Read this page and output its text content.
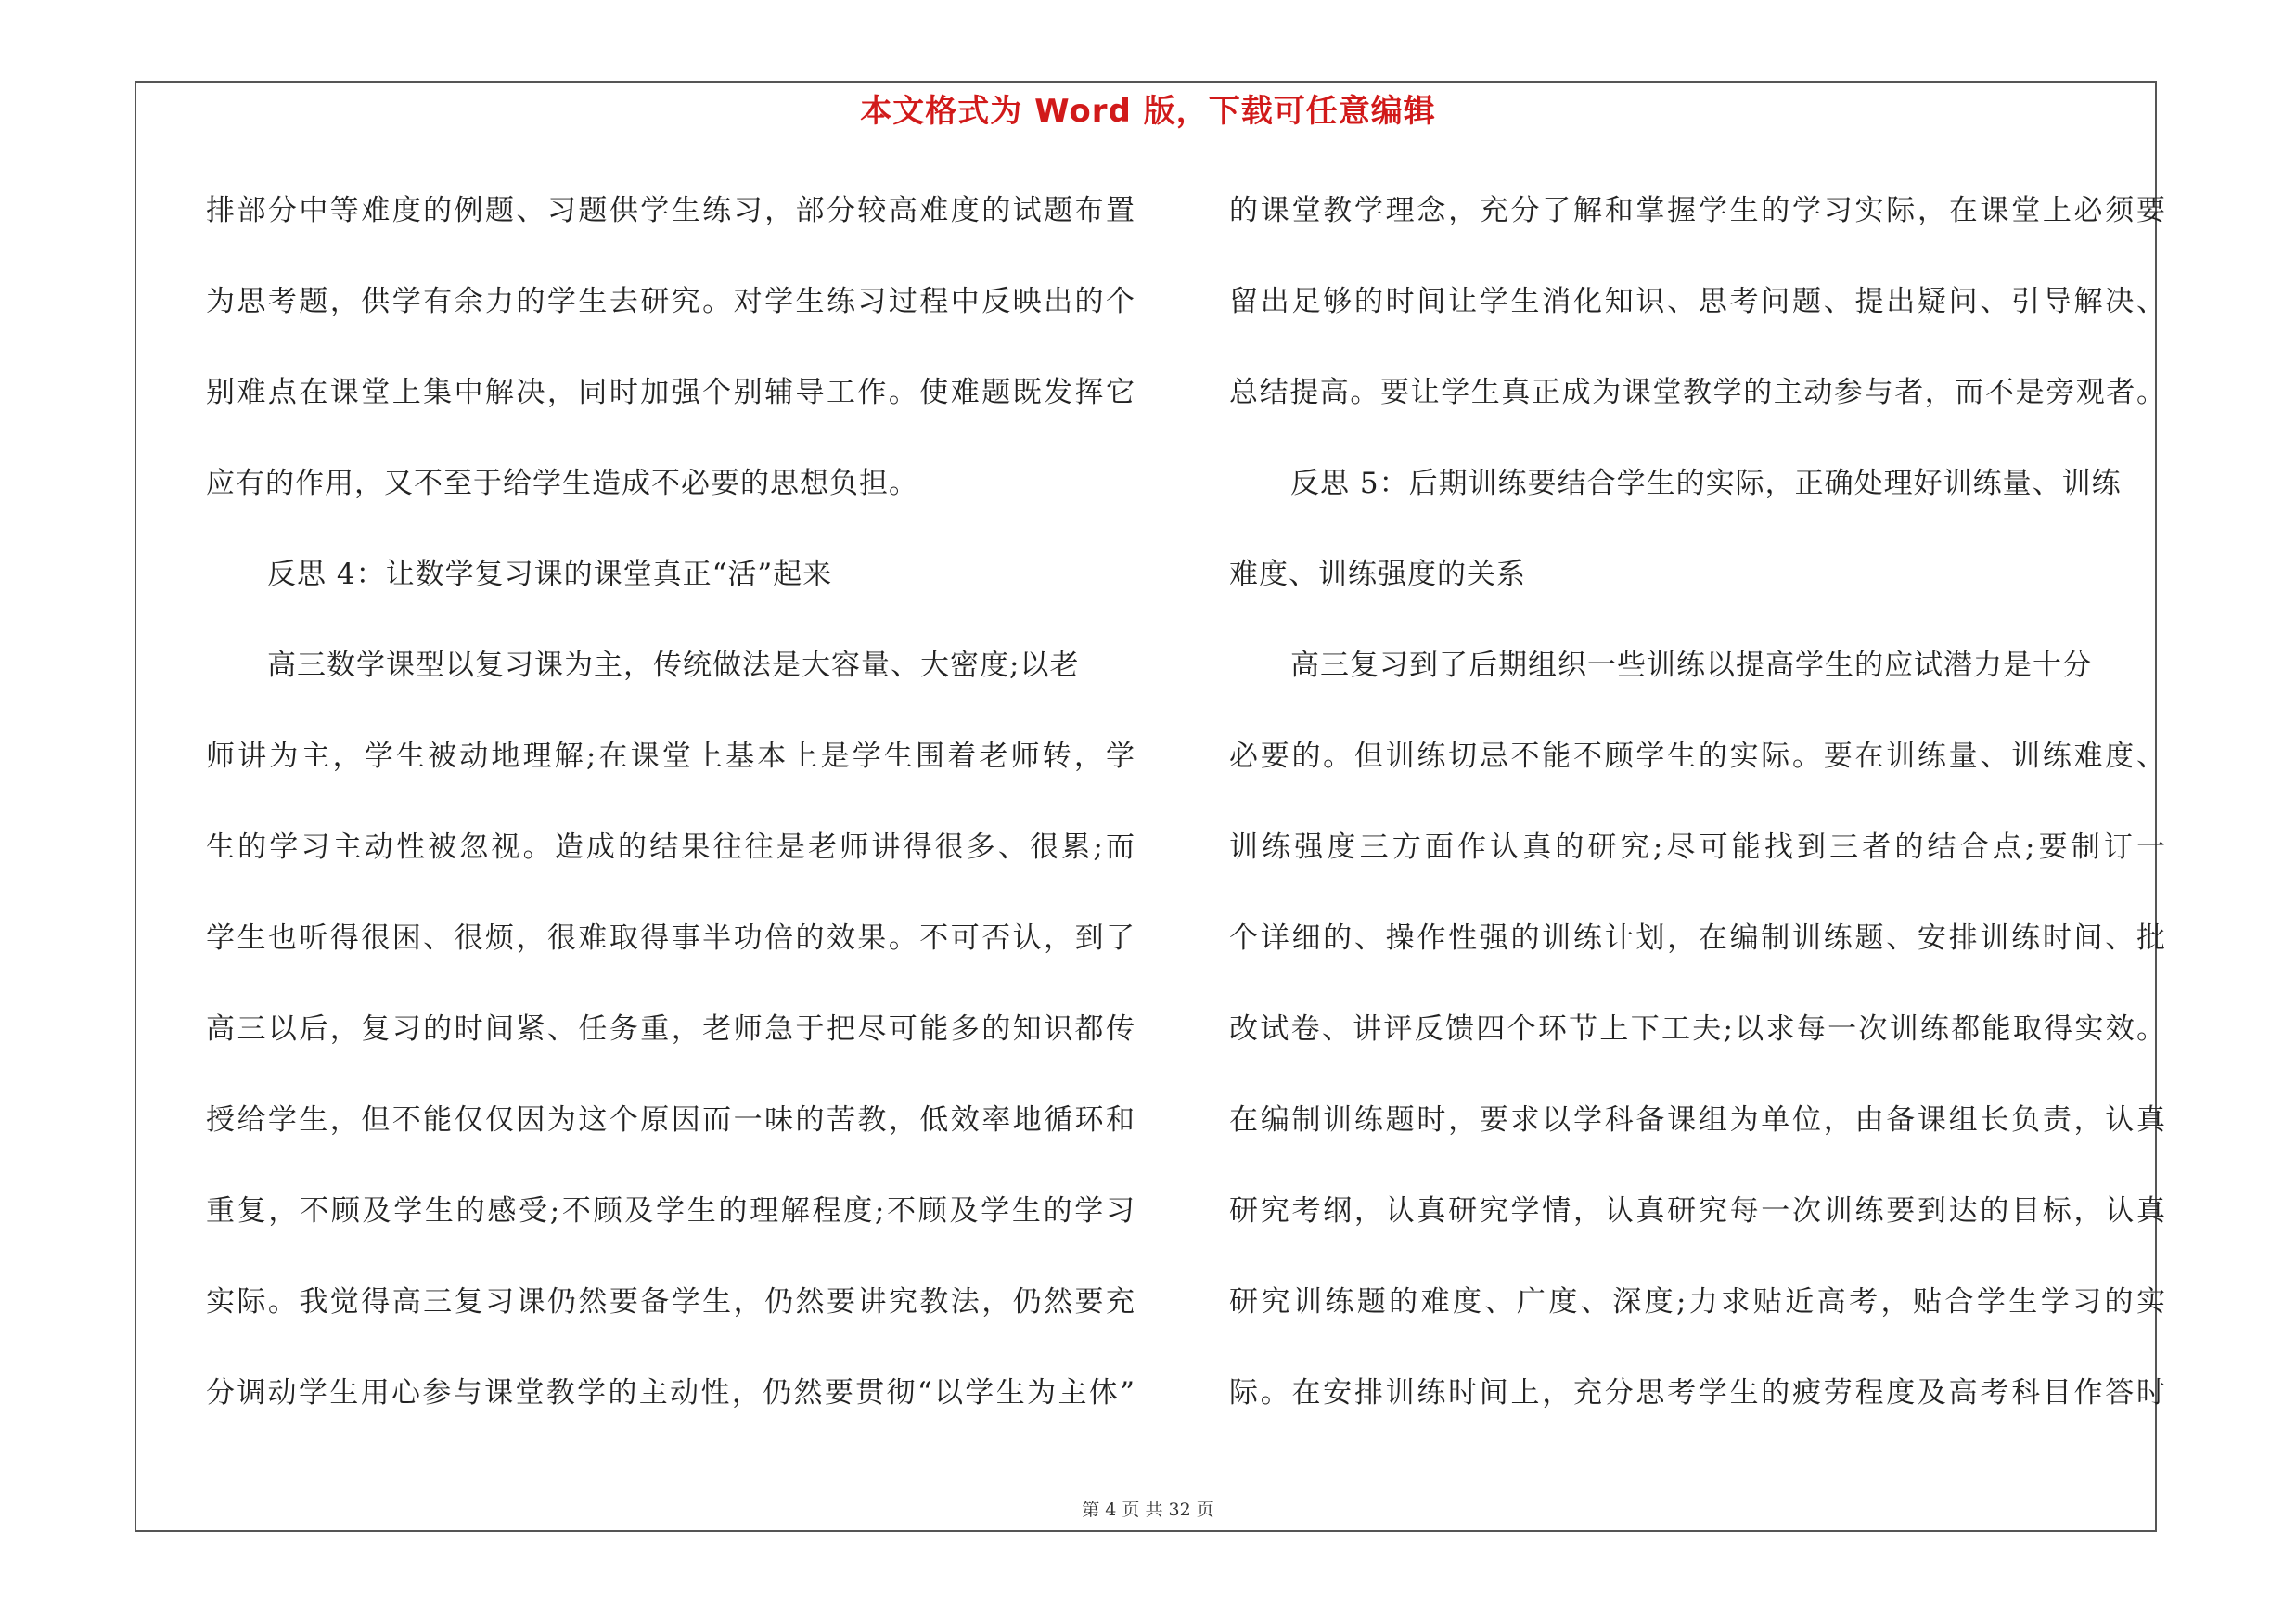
本文格式为 Word 版，下载可任意编辑
排部分中等难度的例题、习题供学生练习，部分较高难度的试题布置
为思考题，供学有余力的学生去研究。对学生练习过程中反映出的个
别难点在课堂上集中解决，同时加强个别辅导工作。使难题既发挥它
应有的作用，又不至于给学生造成不必要的思想负担。
反思 4：让数学复习课的课堂真正“活”起来
高三数学课型以复习课为主，传统做法是大容量、大密度;以老
师讲为主，学生被动地理解;在课堂上基本上是学生围着老师转，学
生的学习主动性被忽视。造成的结果往往是老师讲得很多、很累;而
学生也听得很困、很烦，很难取得事半功倍的效果。不可否认，到了
高三以后，复习的时间紧、任务重，老师急于把尽可能多的知识都传
授给学生，但不能仅仅因为这个原因而一味的苦教，低效率地循环和
重复，不顾及学生的感受;不顾及学生的理解程度;不顾及学生的学习
实际。我觉得高三复习课仍然要备学生，仍然要讲究教法，仍然要充
分调动学生用心参与课堂教学的主动性，仍然要贯彻“以学生为主体”
的课堂教学理念，充分了解和掌握学生的学习实际，在课堂上必须要
留出足够的时间让学生消化知识、思考问题、提出疑问、引导解决、
总结提高。要让学生真正成为课堂教学的主动参与者，而不是旁观者。
反思 5：后期训练要结合学生的实际，正确处理好训练量、训练
难度、训练强度的关系
高三复习到了后期组织一些训练以提高学生的应试潜力是十分
必要的。但训练切忌不能不顾学生的实际。要在训练量、训练难度、
训练强度三方面作认真的研究;尽可能找到三者的结合点;要制订一
个详细的、操作性强的训练计划，在编制训练题、安排训练时间、批
改试卷、讲评反馈四个环节上下工夫;以求每一次训练都能取得实效。
在编制训练题时，要求以学科备课组为单位，由备课组长负责，认真
研究考纲，认真研究学情，认真研究每一次训练要到达的目标，认真
研究训练题的难度、广度、深度;力求贴近高考，贴合学生学习的实
际。在安排训练时间上，充分思考学生的疲劳程度及高考科目作答时
第 4 页 共 32 页
